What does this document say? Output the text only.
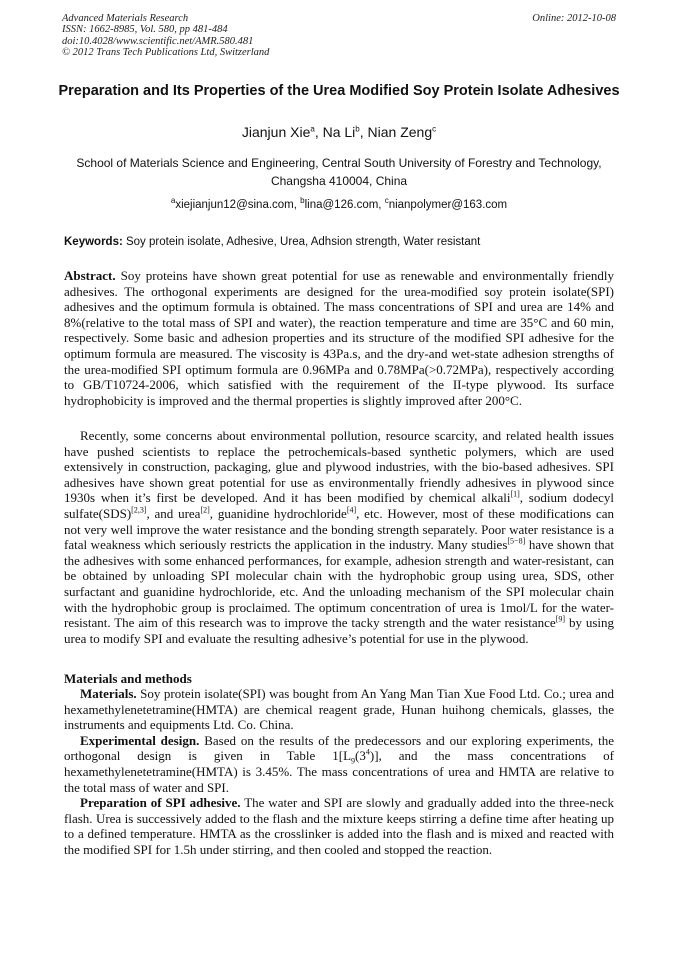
Advanced Materials Research
ISSN: 1662-8985, Vol. 580, pp 481-484
doi:10.4028/www.scientific.net/AMR.580.481
© 2012 Trans Tech Publications Ltd, Switzerland
Online: 2012-10-08
Preparation and Its Properties of the Urea Modified Soy Protein Isolate Adhesives
Jianjun Xie$^a$, Na Li$^b$, Nian Zeng$^c$
School of Materials Science and Engineering, Central South University of Forestry and Technology, Changsha 410004, China
$^a$xiejianjun12@sina.com, $^b$lina@126.com, $^c$nianpolymer@163.com
Keywords: Soy protein isolate, Adhesive, Urea, Adhsion strength, Water resistant

Abstract. Soy proteins have shown great potential for use as renewable and environmentally friendly adhesives. The orthogonal experiments are designed for the urea-modified soy protein isolate(SPI) adhesives and the optimum formula is obtained. The mass concentrations of SPI and urea are 14% and 8%(relative to the total mass of SPI and water), the reaction temperature and time are 35°C and 60 min, respectively. Some basic and adhesion properties and its structure of the modified SPI adhesive for the optimum formula are measured. The viscosity is 43Pa.s, and the dry-and wet-state adhesion strengths of the urea-modified SPI optimum formula are 0.96MPa and 0.78MPa(>0.72MPa), respectively according to GB/T10724-2006, which satisfied with the requirement of the II-type plywood. Its surface hydrophobicity is improved and the thermal properties is slightly improved after 200°C.

Recently, some concerns about environmental pollution, resource scarcity, and related health issues have pushed scientists to replace the petrochemicals-based synthetic polymers, which are used extensively in construction, packaging, glue and plywood industries, with the bio-based adhesives. SPI adhesives have shown great potential for use as environmentally friendly adhesives in plywood since 1930s when it’s first be developed. And it has been modified by chemical alkali[1], sodium dodecyl sulfate(SDS)[2,3], and urea[2], guanidine hydrochloride[4], etc. However, most of these modifications can not very well improve the water resistance and the bonding strength separately. Poor water resistance is a fatal weakness which seriously restricts the application in the industry. Many studies[5−8] have shown that the adhesives with some enhanced performances, for example, adhesion strength and water-resistant, can be obtained by unloading SPI molecular chain with the hydrophobic group using urea, SDS, other surfactant and guanidine hydrochloride, etc. And the unloading mechanism of the SPI molecular chain with the hydrophobic group is proclaimed. The optimum concentration of urea is 1mol/L for the water-resistant. The aim of this research was to improve the tacky strength and the water resistance[9] by using urea to modify SPI and evaluate the resulting adhesive’s potential for use in the plywood.

Materials and methods

Materials. Soy protein isolate(SPI) was bought from An Yang Man Tian Xue Food Ltd. Co.; urea and hexamethylenetetramine(HMTA) are chemical reagent grade, Hunan huihong chemicals, glasses, the instruments and equipments Ltd. Co. China.

Experimental design. Based on the results of the predecessors and our exploring experiments, the orthogonal design is given in Table $1[L_9(3^4)]$, and the mass concentrations of hexamethylenetetramine(HMTA) is 3.45%. The mass concentrations of urea and HMTA are relative to the total mass of water and SPI.

Preparation of SPI adhesive. The water and SPI are slowly and gradually added into the three-neck flash. Urea is successively added to the flash and the mixture keeps stirring a define time after heating up to a defined temperature. HMTA as the crosslinker is added into the flash and is mixed and reacted with the modified SPI for 1.5h under stirring, and then cooled and stopped the reaction.
